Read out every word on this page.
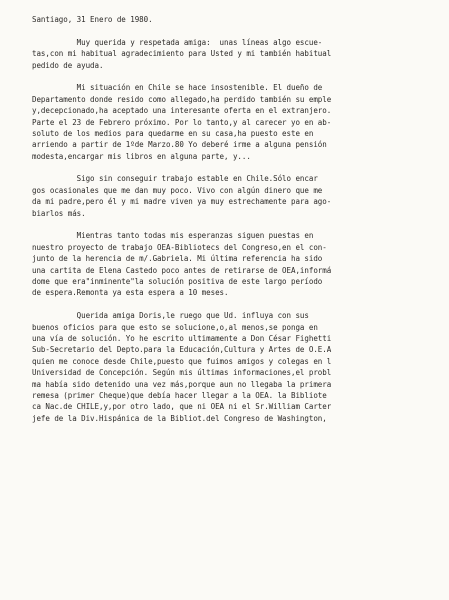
Santiago, 31 Enero de 1980.
Muy querida y respetada amiga:  unas líneas algo escue-
tas,con mi habitual agradecimiento para Usted y mi también habitual
pedido de ayuda.
Mi situación en Chile se hace insostenible. El dueño de
Departamento donde resido como allegado,ha perdido también su emple
y,decepcionado,ha aceptado una interesante oferta en el extranjero.
Parte el 23 de Febrero próximo. Por lo tanto,y al carecer yo en ab-
soluto de los medios para quedarme en su casa,ha puesto este en
arriendo a partir de 1ºde Marzo.80 Yo deberé irme a alguna pensión
modesta,encargar mis libros en alguna parte, y...
Sigo sin conseguir trabajo estable en Chile.Sólo encar
gos ocasionales que me dan muy poco. Vivo con algún dinero que me
da mi padre,pero él y mi madre viven ya muy estrechamente para ago-
biarlos más.
Mientras tanto todas mis esperanzas siguen puestas en
nuestro proyecto de trabajo OEA-Bibliotecs del Congreso,en el con-
junto de la herencia de m/.Gabriela. Mi última referencia ha sido
una cartita de Elena Castedo poco antes de retirarse de OEA,informá
dome que era"inminente"la solución positiva de este largo período
de espera.Remonta ya esta espera a 10 meses.
Querida amiga Doris,le ruego que Ud. influya con sus
buenos oficios para que esto se solucione,o,al menos,se ponga en
una vía de solución. Yo he escrito ultimamente a Don César Fighetti
Sub-Secretario del Depto.para la Educación,Cultura y Artes de O.E.A
quien me conoce desde Chile,puesto que fuimos amigos y colegas en l
Universidad de Concepción. Según mis últimas informaciones,el probl
ma había sido detenido una vez más,porque aun no llegaba la primera
remesa (primer Cheque)que debía hacer llegar a la OEA. la Bibliote
ca Nac.de CHILE,y,por otro lado, que ni OEA ni el Sr.William Carter
jefe de la Div.Hispánica de la Bibliot.del Congreso de Washington,
